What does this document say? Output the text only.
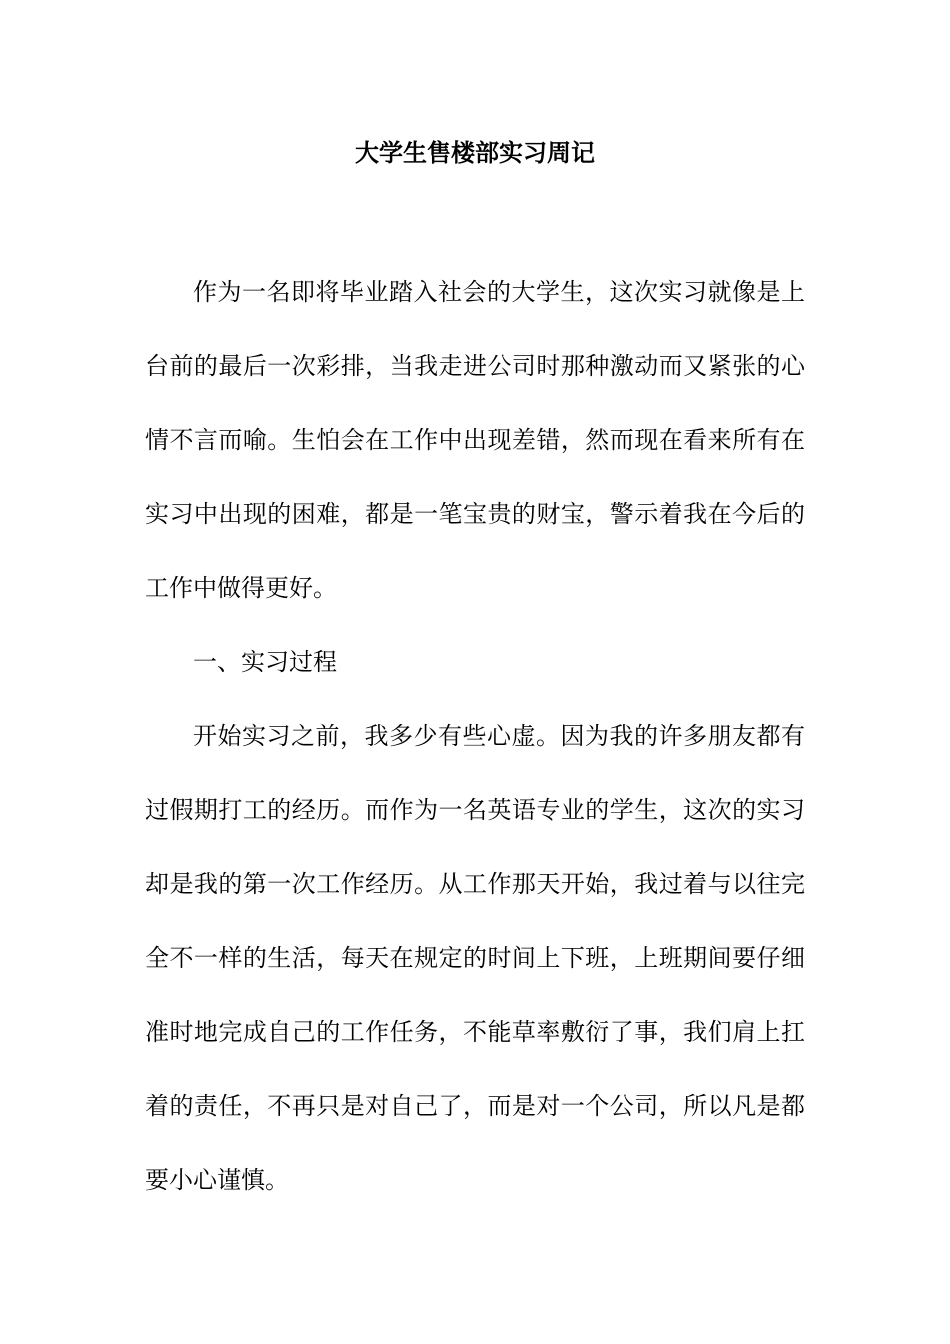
大学生售楼部实习周记

作为一名即将毕业踏入社会的大学生，这次实习就像是上台前的最后一次彩排，当我走进公司时那种激动而又紧张的心情不言而喻。生怕会在工作中出现差错，然而现在看来所有在实习中出现的困难，都是一笔宝贵的财宝，警示着我在今后的工作中做得更好。

一、实习过程

开始实习之前，我多少有些心虚。因为我的许多朋友都有过假期打工的经历。而作为一名英语专业的学生，这次的实习却是我的第一次工作经历。从工作那天开始，我过着与以往完全不一样的生活，每天在规定的时间上下班，上班期间要仔细准时地完成自己的工作任务，不能草率敷衍了事，我们肩上扛着的责任，不再只是对自己了，而是对一个公司，所以凡是都要小心谨慎。
